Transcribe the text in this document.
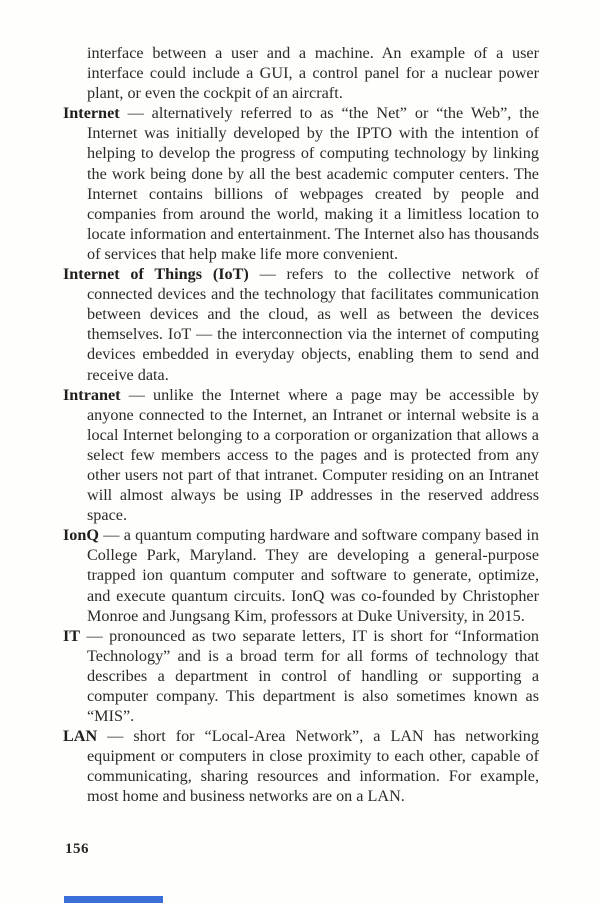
interface between a user and a machine. An example of a user interface could include a GUI, a control panel for a nuclear power plant, or even the cockpit of an aircraft.

Internet — alternatively referred to as “the Net” or “the Web”, the Internet was initially developed by the IPTO with the intention of helping to develop the progress of computing technology by linking the work being done by all the best academic computer centers. The Internet contains billions of webpages created by people and companies from around the world, making it a limitless location to locate information and entertainment. The Internet also has thousands of services that help make life more convenient.

Internet of Things (IoT) — refers to the collective network of connected devices and the technology that facilitates communication between devices and the cloud, as well as between the devices themselves. IoT — the interconnection via the internet of computing devices embedded in everyday objects, enabling them to send and receive data.

Intranet — unlike the Internet where a page may be accessible by anyone connected to the Internet, an Intranet or internal website is a local Internet belonging to a corporation or organization that allows a select few members access to the pages and is protected from any other users not part of that intranet. Computer residing on an Intranet will almost always be using IP addresses in the reserved address space.

IonQ — a quantum computing hardware and software company based in College Park, Maryland. They are developing a general-purpose trapped ion quantum computer and software to generate, optimize, and execute quantum circuits. IonQ was co-founded by Christopher Monroe and Jungsang Kim, professors at Duke University, in 2015.

IT — pronounced as two separate letters, IT is short for “Information Technology” and is a broad term for all forms of technology that describes a department in control of handling or supporting a computer company. This department is also sometimes known as “MIS”.

LAN — short for “Local-Area Network”, a LAN has networking equipment or computers in close proximity to each other, capable of communicating, sharing resources and information. For example, most home and business networks are on a LAN.

156
